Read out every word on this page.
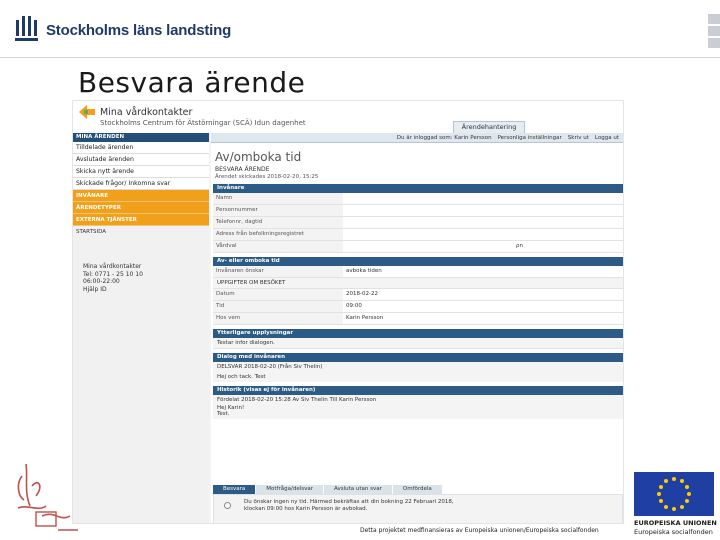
Stockholms läns landsting
Besvara ärende
Mina vårdkontakter
Stockholms Centrum för Ätstörningar (SCÄ) Idun dagenhet	Ärendehantering
MINA ÄRENDEN
Tilldelade ärenden
Avslutade ärenden
Skicka nytt ärende
Skickade frågor/ Inkomna svar
INVÅNARE
ÄRENDETYPER
EXTERNA TJÄNSTER
STARTSIDA
Mina vårdkontakter
Tel: 0771 - 25 10 10
06:00-22:00
Hjälp ID
Du är inloggad som: Karin Persson Personliga inställningar Skriv ut Logga ut
Av/omboka tid
BESVARA ÄRENDE
Ärendet skickades 2018-02-20, 15:25
Invånare
Namn
Personnummer
Telefonnr, dagtid
Adress från befolkningsregistret
Vårdval	ρn
Av- eller omboka tid
Invånaren önskar	avboka tiden
UPPGIFTER OM BESÖKET
Datum	2018-02-22
Tid	09:00
Hos vem	Karin Persson
Ytterligare upplysningar
Testar infor dialogen.
Dialog med invånaren
DELSVAR 2018-02-20 (Från Siv Thelin)
Hej och tack. Test
Historik (visas ej för invånaren)
Fördelat 2018-02-20 15:28 Av Siv Thelin Till Karin Persson
Hej Karin!
Test.
Besvara	Motfråga/delsvar	Avsluta utan svar	Omfördela
Du önskar ingen ny tid. Härmed bekräftas att din bokning 22 Februari 2018,
klockan 09:00 hos Karin Persson är avbokad.
Detta projektet medfinansieras av Europeiska unionen/Europeiska socialfonden
EUROPEISKA UNIONEN
Europeiska socialfonden
